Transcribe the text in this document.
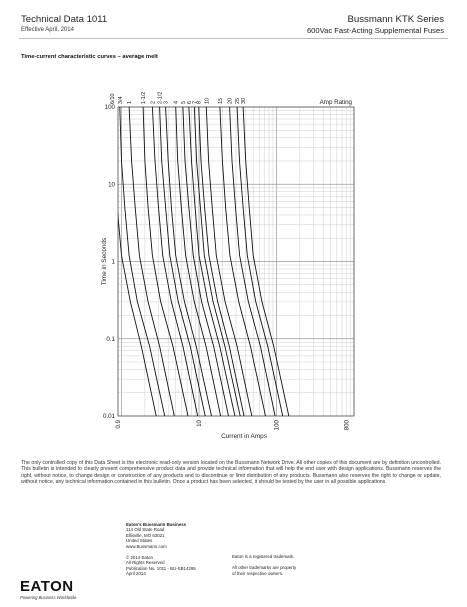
Technical Data 1011
Effective April, 2014
Bussmann KTK Series
600Vac Fast-Acting Supplemental Fuses
Time-current characteristic curves – average melt
100
10
1
0.1
0.01
0.9	10	100	800
Current in Amps
Time in Seconds
Amp Rating
6/10 3/4 1 1-1/2 2 2-1/2 3 4 5 6 7
8 10 15 20 25 30
The only controlled copy of this Data Sheet is the electronic read-only version located on the Bussmann Network Drive. All other copies of this document are by definition uncontrolled. This bulletin is intended to clearly present comprehensive product data and provide technical information that will help the end user with design applications. Bussmann reserves the right, without notice, to change design or construction of any products and to discontinue or limit distribution of any products. Bussmann also reserves the right to change or update, without notice, any technical information contained in this bulletin. Once a product has been selected, it should be tested by the user in all possible applications.
Eaton's Bussmann Business
114 Old State Road
Ellisville, MO 63021
United States
www.Bussmann.com
© 2014 Eaton
All Rights Reserved
Publication No. 1011 - BU-SB14295
April 2014
Eaton is a registered trademark.
All other trademarks are property
of their respective owners.
EATON
Powering Business Worldwide
